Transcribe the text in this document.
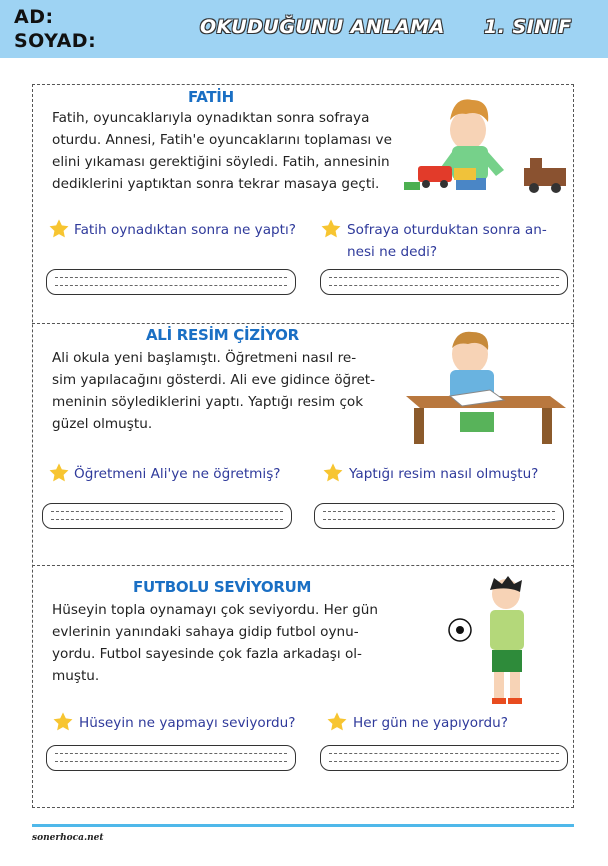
AD:
SOYAD:
OKUDUĞUNU ANLAMA 1. SINIF
FATİH
Fatih, oyuncaklarıyla oynadıktan sonra sofraya
oturdu. Annesi, Fatih'e oyuncaklarını toplaması ve
elini yıkaması gerektiğini söyledi. Fatih, annesinin
dediklerini yaptıktan sonra tekrar masaya geçti.
Fatih oynadıktan sonra ne yaptı?	Sofraya oturduktan sonra an-
nesi ne dedi?
ALİ RESİM ÇİZİYOR
Ali okula yeni başlamıştı. Öğretmeni nasıl re-
sim yapılacağını gösterdi. Ali eve gidince öğret-
meninin söylediklerini yaptı. Yaptığı resim çok
güzel olmuştu.
Öğretmeni Ali'ye ne öğretmiş?	Yaptığı resim nasıl olmuştu?
FUTBOLU SEVİYORUM
Hüseyin topla oynamayı çok seviyordu. Her gün
evlerinin yanındaki sahaya gidip futbol oynu-
yordu. Futbol sayesinde çok fazla arkadaşı ol-
muştu.
Hüseyin ne yapmayı seviyordu?	Her gün ne yapıyordu?
sonerhoca.net
